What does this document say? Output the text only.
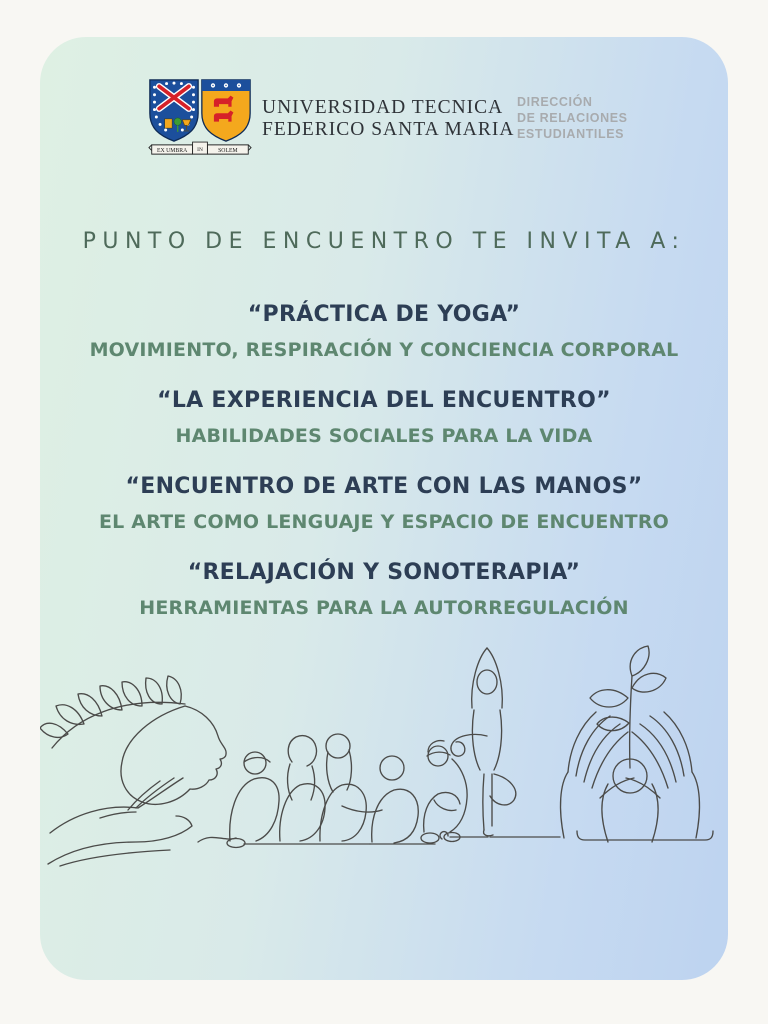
EX UMBRA IN SOLEM
UNIVERSIDAD TECNICA
FEDERICO SANTA MARIA
DIRECCIÓN
DE RELACIONES
ESTUDIANTILES
PUNTO DE ENCUENTRO TE INVITA A:
“PRÁCTICA DE YOGA”
MOVIMIENTO, RESPIRACIÓN Y CONCIENCIA CORPORAL
“LA EXPERIENCIA DEL ENCUENTRO”
HABILIDADES SOCIALES PARA LA VIDA
“ENCUENTRO DE ARTE CON LAS MANOS”
EL ARTE COMO LENGUAJE Y ESPACIO DE ENCUENTRO
“RELAJACIÓN Y SONOTERAPIA”
HERRAMIENTAS PARA LA AUTORREGULACIÓN
